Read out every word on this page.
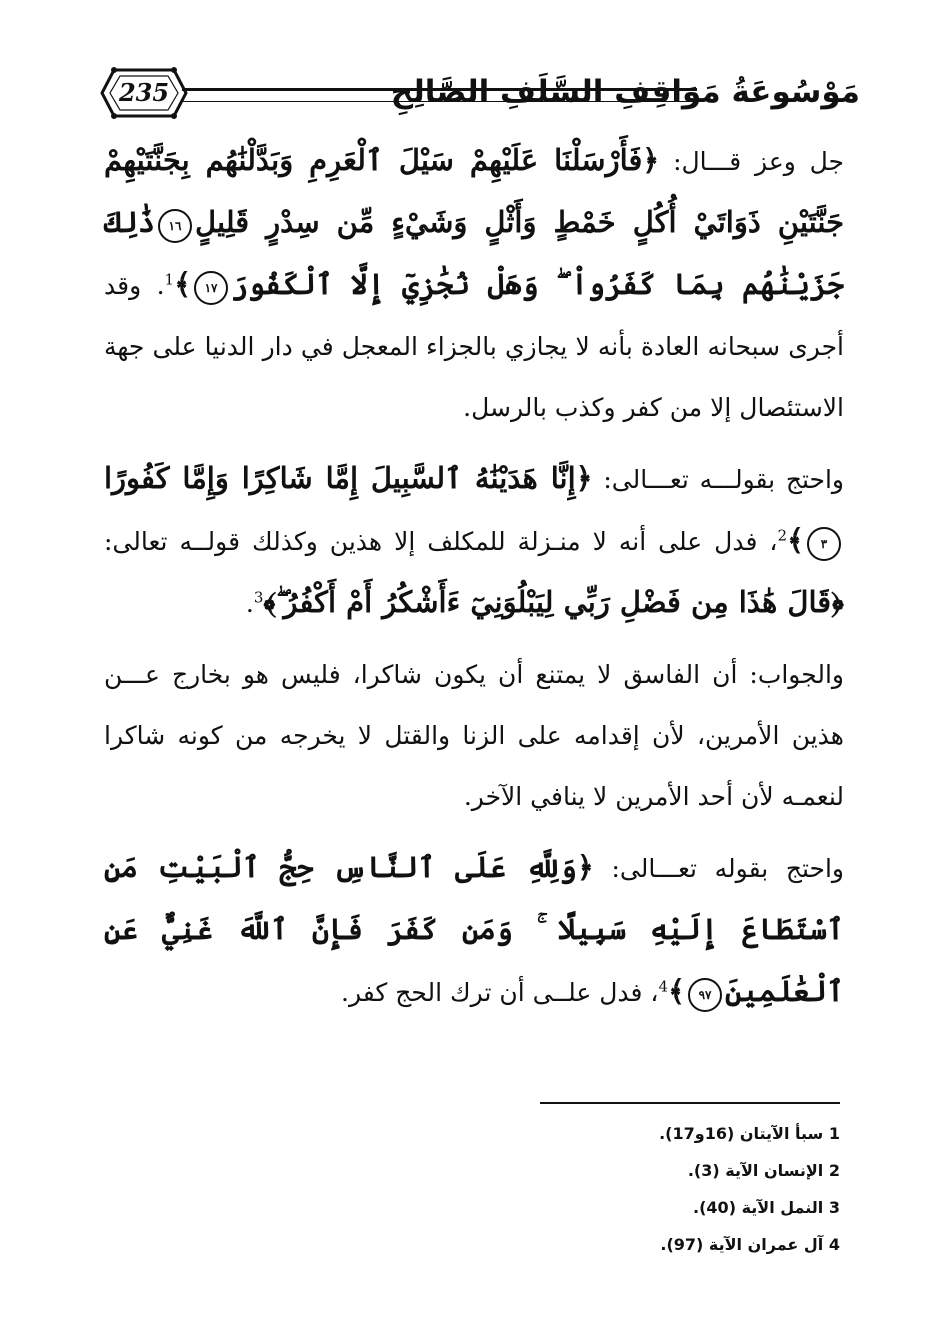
235	مَوْسُوعَةُ مَوَاقِفِ السَّلَفِ الصَّالِحِ

جل وعز قـــال: ﴿فَأَرْسَلْنَا عَلَيْهِمْ سَيْلَ ٱلْعَرِمِ وَبَدَّلْنَٰهُم بِجَنَّتَيْهِمْ جَنَّتَيْنِ ذَوَاتَيْ أُكُلٍ خَمْطٍ وَأَثْلٍ وَشَيْءٍ مِّن سِدْرٍ قَلِيلٍ١٦ذَٰلِكَ جَزَيْنَٰهُم بِمَا كَفَرُواْ ۖ وَهَلْ نُجَٰزِيٓ إِلَّا ٱلْكَفُورَ١٧﴾$^1$. وقد أجرى سبحانه العادة بأنه لا يجازي بالجزاء المعجل في دار الدنيا على جهة الاستئصال إلا من كفر وكذب بالرسل.

واحتج بقولـــه تعـــالى: ﴿إِنَّا هَدَيْنَٰهُ ٱلسَّبِيلَ إِمَّا شَاكِرًا وَإِمَّا كَفُورًا٣﴾$^2$، فدل على أنه لا منـزلة للمكلف إلا هذين وكذلك قولــه تعالى: ﴿قَالَ هَٰذَا مِن فَضْلِ رَبِّي لِيَبْلُوَنِيٓ ءَأَشْكُرُ أَمْ أَكْفُرُ ۖ﴾$^3$.

والجواب: أن الفاسق لا يمتنع أن يكون شاكرا، فليس هو بخارج عـــن هذين الأمرين، لأن إقدامه على الزنا والقتل لا يخرجه من كونه شاكرا لنعمـه لأن أحد الأمرين لا ينافي الآخر.

واحتج بقوله تعـــالى: ﴿وَلِلَّهِ عَلَى ٱلنَّاسِ حِجُّ ٱلْبَيْتِ مَنِ ٱسْتَطَاعَ إِلَيْهِ سَبِيلًا ۚ وَمَن كَفَرَ فَإِنَّ ٱللَّهَ غَنِيٌّ عَنِ ٱلْعَٰلَمِينَ٩٧﴾$^4$، فدل علــى أن ترك الحج كفر.

1 سبأ الآيتان (16و17).

2 الإنسان الآية (3).

3 النمل الآية (40).

4 آل عمران الآية (97).
